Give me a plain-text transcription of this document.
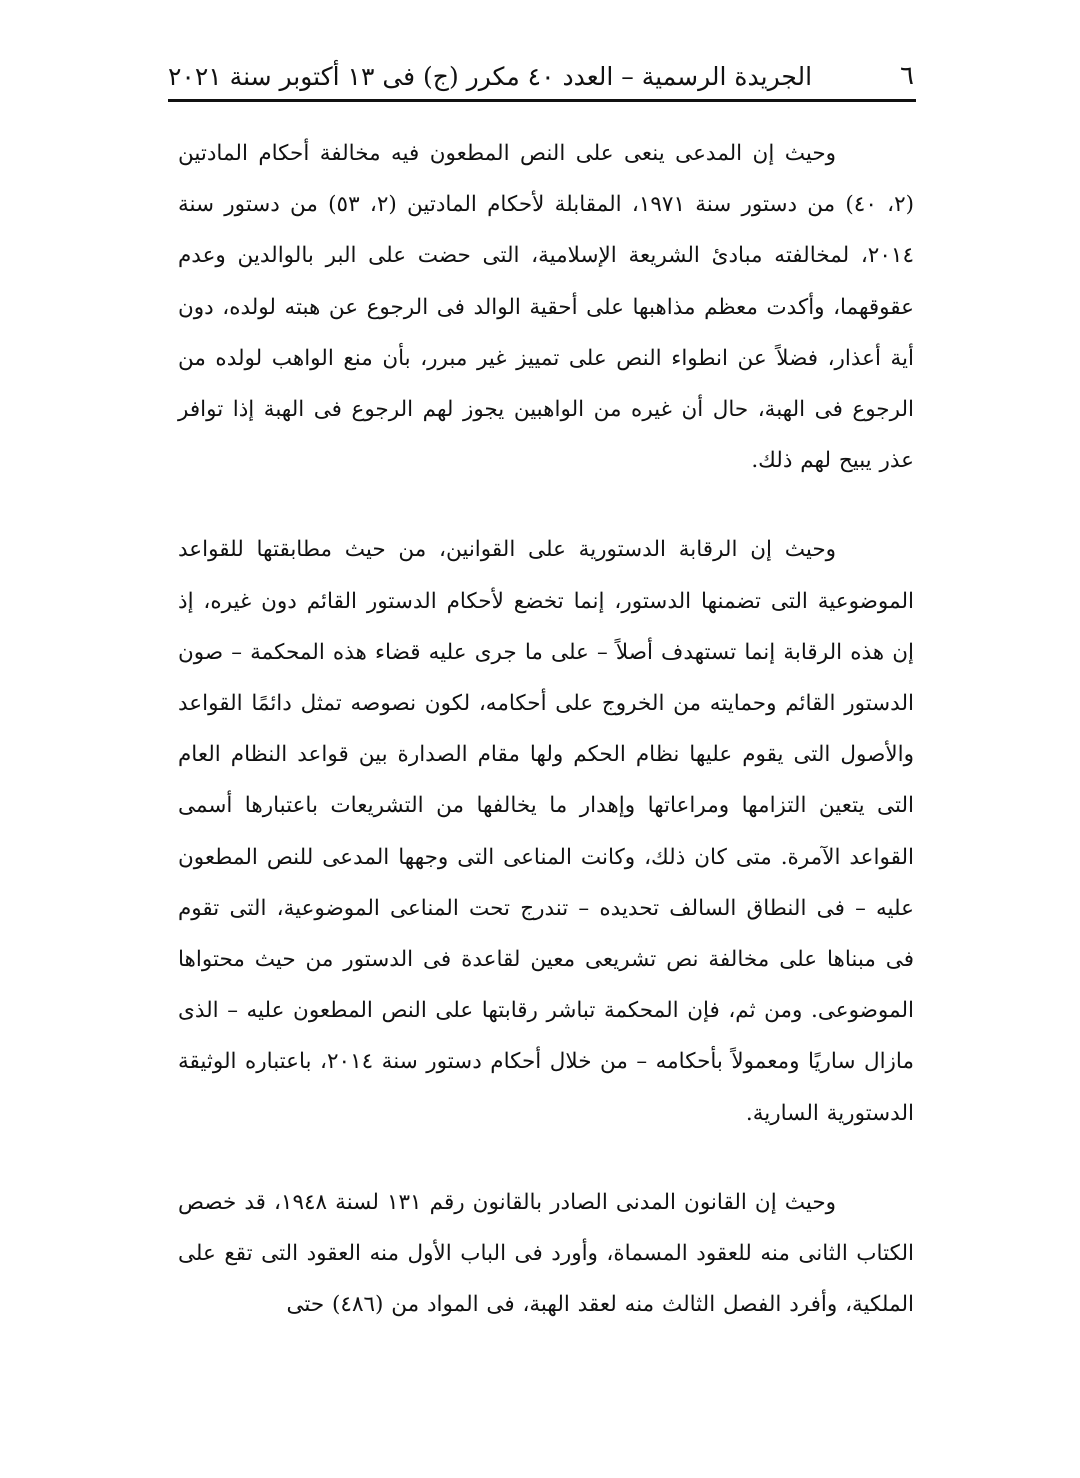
٦
الجريدة الرسمية – العدد ٤٠ مكرر (ج) فى ١٣ أكتوبر سنة ٢٠٢١

وحيث إن المدعى ينعى على النص المطعون فيه مخالفة أحكام المادتين (٢، ٤٠) من دستور سنة ١٩٧١، المقابلة لأحكام المادتين (٢، ٥٣) من دستور سنة ٢٠١٤، لمخالفته مبادئ الشريعة الإسلامية، التى حضت على البر بالوالدين وعدم عقوقهما، وأكدت معظم مذاهبها على أحقية الوالد فى الرجوع عن هبته لولده، دون أية أعذار، فضلاً عن انطواء النص على تمييز غير مبرر، بأن منع الواهب لولده من الرجوع فى الهبة، حال أن غيره من الواهبين يجوز لهم الرجوع فى الهبة إذا توافر عذر يبيح لهم ذلك.

وحيث إن الرقابة الدستورية على القوانين، من حيث مطابقتها للقواعد الموضوعية التى تضمنها الدستور، إنما تخضع لأحكام الدستور القائم دون غيره، إذ إن هذه الرقابة إنما تستهدف أصلاً – على ما جرى عليه قضاء هذه المحكمة – صون الدستور القائم وحمايته من الخروج على أحكامه، لكون نصوصه تمثل دائمًا القواعد والأصول التى يقوم عليها نظام الحكم ولها مقام الصدارة بين قواعد النظام العام التى يتعين التزامها ومراعاتها وإهدار ما يخالفها من التشريعات باعتبارها أسمى القواعد الآمرة. متى كان ذلك، وكانت المناعى التى وجهها المدعى للنص المطعون عليه – فى النطاق السالف تحديده – تندرج تحت المناعى الموضوعية، التى تقوم فى مبناها على مخالفة نص تشريعى معين لقاعدة فى الدستور من حيث محتواها الموضوعى. ومن ثم، فإن المحكمة تباشر رقابتها على النص المطعون عليه – الذى مازال ساريًا ومعمولاً بأحكامه – من خلال أحكام دستور سنة ٢٠١٤، باعتباره الوثيقة الدستورية السارية.

وحيث إن القانون المدنى الصادر بالقانون رقم ١٣١ لسنة ١٩٤٨، قد خصص الكتاب الثانى منه للعقود المسماة، وأورد فى الباب الأول منه العقود التى تقع على الملكية، وأفرد الفصل الثالث منه لعقد الهبة، فى المواد من (٤٨٦) حتى
